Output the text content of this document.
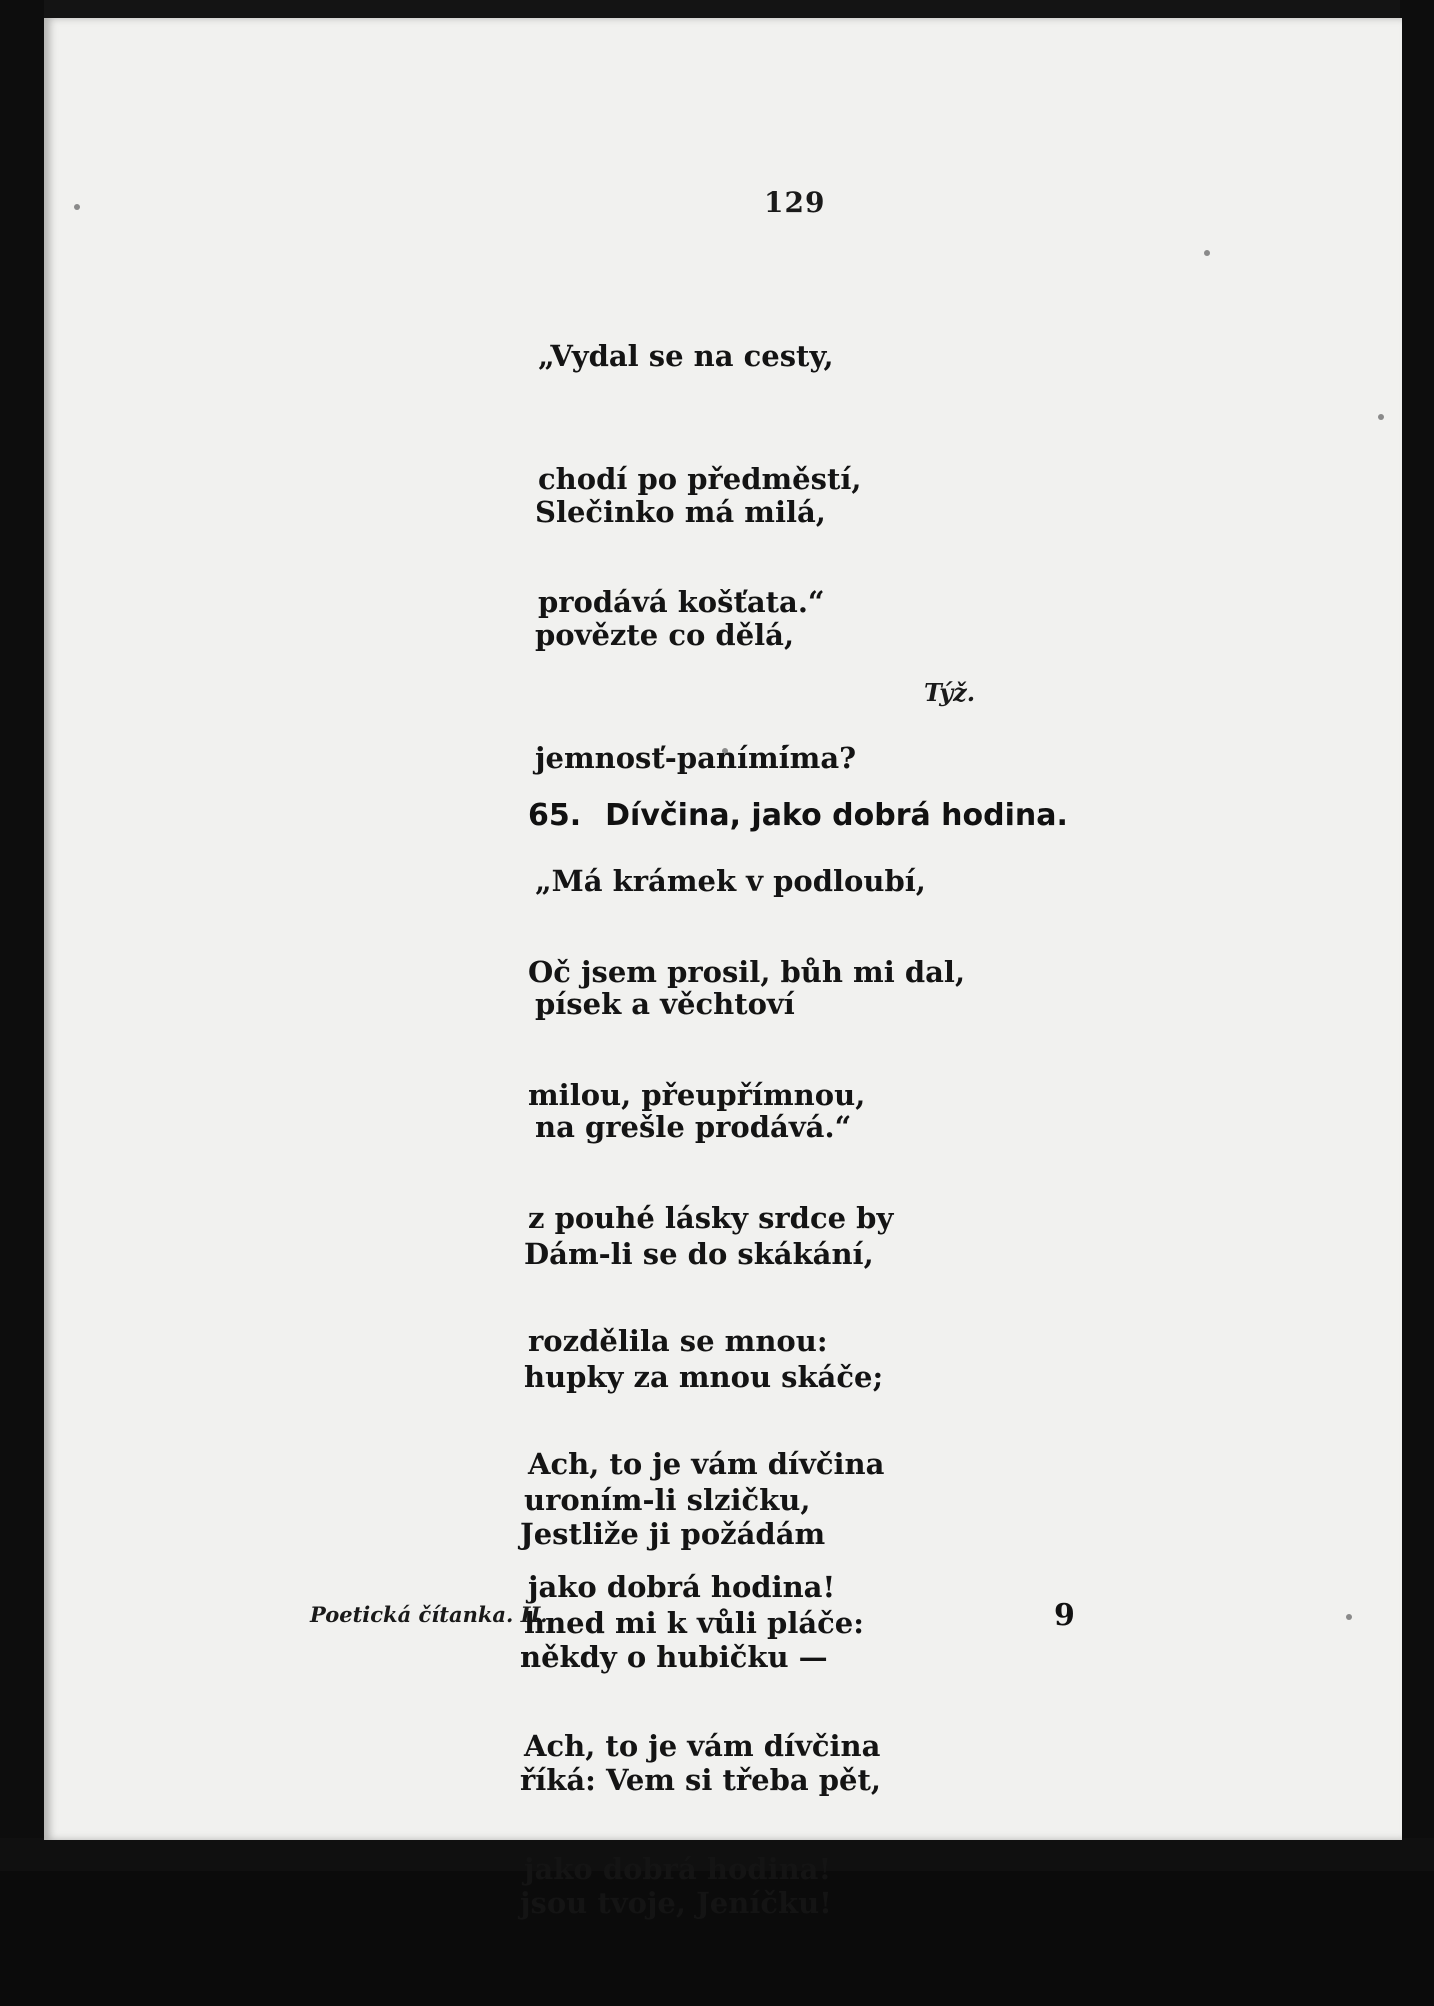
129

„Vydal se na cesty,

chodí po předměstí,

prodává košťata.“

Slečinko má milá,

povězte co dělá,

jemnosť-paními̇́ma?

„Má krámek v podloubí,

písek a věchtoví

na grešle prodává.“

Týž.
65. Dívčina, jako dobrá hodina.

Oč jsem prosil, bůh mi dal,

milou, přeupřímnou,

z pouhé lásky srdce by

rozdělila se mnou:

Ach, to je vám dívčina

jako dobrá hodina!

Dám-li se do skákání,

hupky za mnou skáče;

uroním-li slzičku,

hned mi k vůli pláče:

Ach, to je vám dívčina

jako dobrá hodina!

Jestliže ji požádám

někdy o hubičku —

říká: Vem si třeba pět,

jsou tvoje, Jeníčku!

Poetická čítanka. II.	9
